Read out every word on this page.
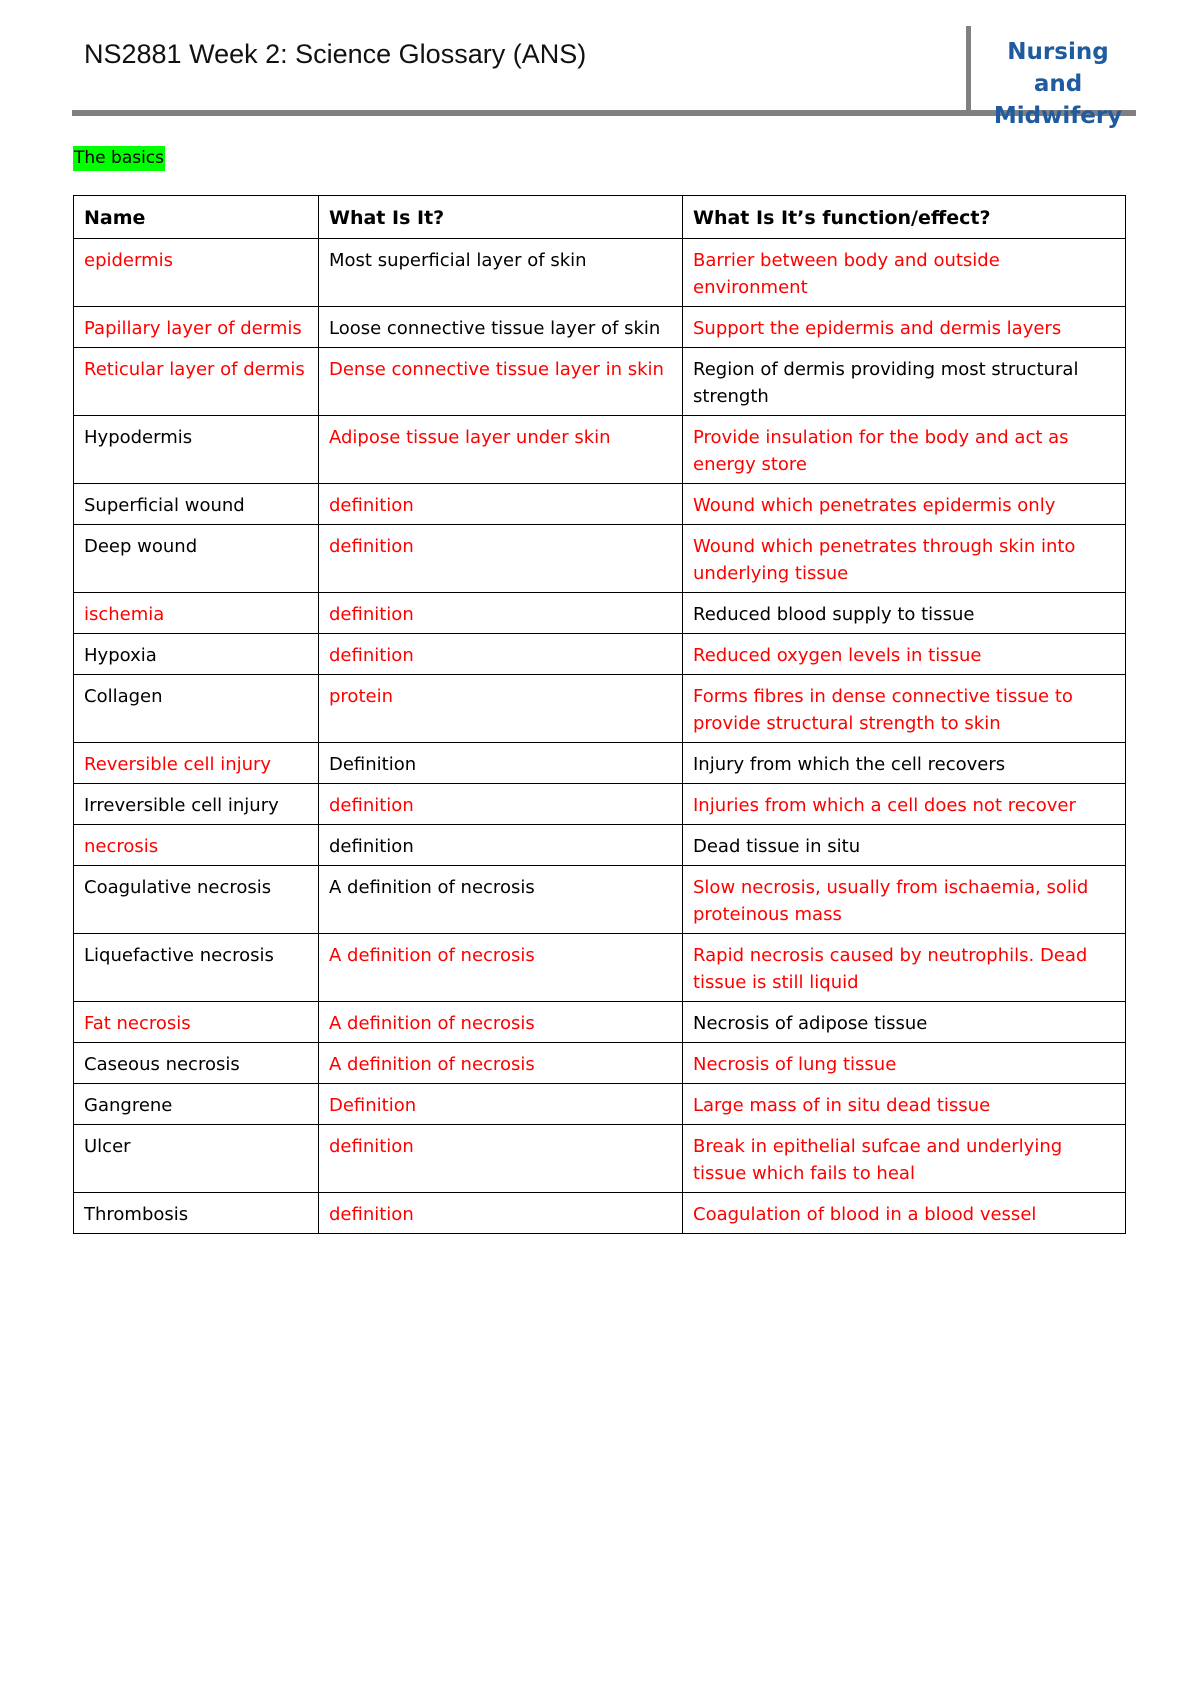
NS2881 Week 2: Science Glossary (ANS)	Nursing and
Midwifery
The basics
Name	What Is It?	What Is It’s function/effect?
epidermis	Most superficial layer of skin	Barrier between body and outside environment
Papillary layer of dermis	Loose connective tissue layer of skin	Support the epidermis and dermis layers
Reticular layer of dermis	Dense connective tissue layer in skin	Region of dermis providing most structural strength
Hypodermis	Adipose tissue layer under skin	Provide insulation for the body and act as energy store
Superficial wound	definition	Wound which penetrates epidermis only
Deep wound	definition	Wound which penetrates through skin into underlying tissue
ischemia	definition	Reduced blood supply to tissue
Hypoxia	definition	Reduced oxygen levels in tissue
Collagen	protein	Forms fibres in dense connective tissue to provide structural strength to skin
Reversible cell injury	Definition	Injury from which the cell recovers
Irreversible cell injury	definition	Injuries from which a cell does not recover
necrosis	definition	Dead tissue in situ
Coagulative necrosis	A definition of necrosis	Slow necrosis, usually from ischaemia, solid proteinous mass
Liquefactive necrosis	A definition of necrosis	Rapid necrosis caused by neutrophils. Dead tissue is still liquid
Fat necrosis	A definition of necrosis	Necrosis of adipose tissue
Caseous necrosis	A definition of necrosis	Necrosis of lung tissue
Gangrene	Definition	Large mass of in situ dead tissue
Ulcer	definition	Break in epithelial sufcae and underlying tissue which fails to heal
Thrombosis	definition	Coagulation of blood in a blood vessel
